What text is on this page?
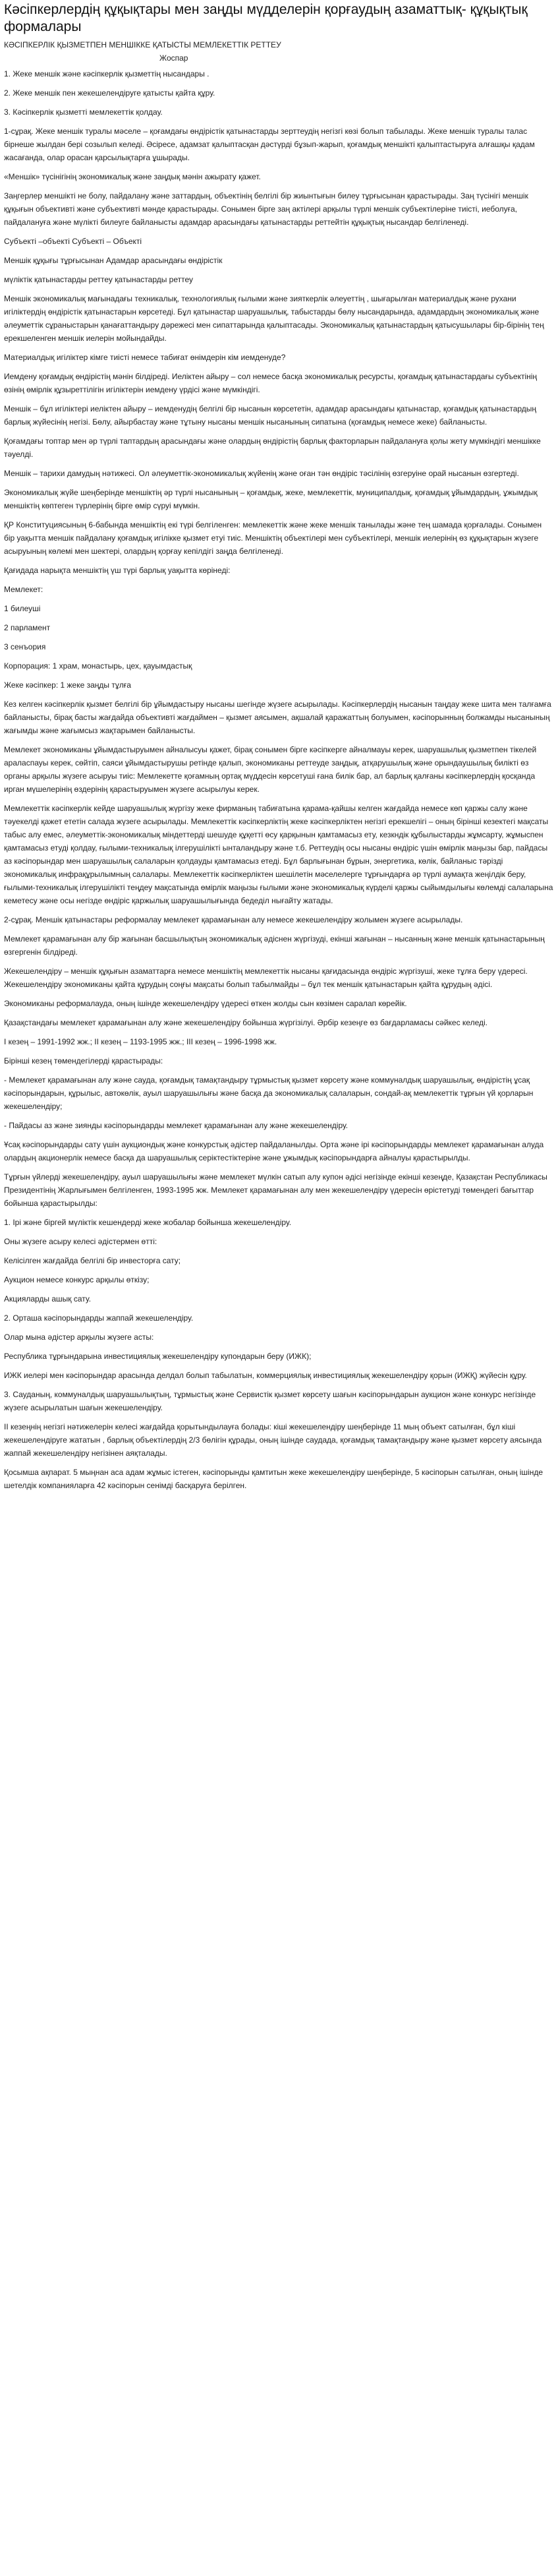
Кәсіпкерлердің құқықтары мен заңды мүдделерін қорғаудың азаматтық- құқықтық формалары
КӘСІПКЕРЛІК ҚЫЗМЕТПЕН МЕНШІККЕ ҚАТЫСТЫ МЕМЛЕКЕТТІК РЕТТЕУ
Жоспар

1. Жеке меншік және кәсіпкерлік қызметтің нысандары .

2. Жеке меншік пен жекешелендіруге қатысты қайта құру.

3. Кәсіпкерлік қызметті мемлекеттік қолдау.

1-сұрақ. Жеке меншік туралы мәселе – қоғамдағы өндірістік қатынастарды зерттеудің негізгі көзі болып табылады. Жеке меншік туралы талас бірнеше жылдан бері созылып келеді. Әсіресе, адамзат қалыптасқан дәстүрді бұзып-жарып, қоғамдық меншікті қалыптастыруға алғашқы қадам жасағанда, олар орасан қарсылықтарға ұшырады.

«Меншік» түсінігінің экономикалық және заңдық мәнін ажырату қажет.

Заңгерлер меншікті не болу, пайдалану және заттардың, объектінің белгілі бір жиынтығын билеу тұрғысынан қарастырады. Заң түсінігі меншік құқығын объективті және субъективті мәнде қарастырады. Сонымен бірге заң актілері арқылы түрлі меншік субъектілеріне тиісті, иеболуға, пайдалануға және мүлікті билеуге байланысты адамдар арасындағы қатынастарды реттейтін құқықтық нысандар белгіленеді.

Субъекті –объекті Субъекті – Объекті

Меншік құқығы тұрғысынан Адамдар арасындағы өндірістік

мүліктік қатынастарды реттеу қатынастарды реттеу

Меншік экономикалық мағынадағы техникалық, технологиялық ғылыми және зияткерлік әлеуеттің , шығарылған материалдық және рухани игіліктердің өндірістік қатынастарын көрсетеді. Бұл қатынастар шаруашылық, табыстарды бөлу нысандарында, адамдардың экономикалық және әлеуметтік сұраныстарын қанағаттандыру дәрежесі мен сипаттарында қалыптасады. Экономикалық қатынастардың қатысушылары бір-бірінің тең ерекшеленген меншік иелерін мойындайды.

Материалдық игіліктер кімге тиісті немесе табиғат өнімдерін кім иемденуде?

Иемдену қоғамдық өндірістің мәнін білдіреді. Иеліктен айыру – сол немесе басқа экономикалық ресурсты, қоғамдық қатынастардағы субъектінің өзінің өмірлік құзыреттілігін игіліктерін иемдену үрдісі және мүмкіндігі.

Меншік – бұл игіліктері иеліктен айыру – иемденудің белгілі бір нысанын көрсететін, адамдар арасындағы қатынастар, қоғамдық қатынастардың барлық жүйесінің негізі. Бөлу, айырбастау және тұтыну нысаны меншік нысанының сипатына (қоғамдық немесе жеке) байланысты.

Қоғамдағы топтар мен әр түрлі таптардың арасындағы және олардың өндірістің барлық факторларын пайдалануға қолы жету мүмкіндігі меншікке тәуелді.

Меншік – тарихи дамудың нәтижесі. Ол әлеуметтік-экономикалық жүйенің және оған тән өндіріс тәсілінің өзгеруіне орай нысанын өзгертеді.

Экономикалық жүйе шеңберінде меншіктің әр түрлі нысанының – қоғамдық, жеке, мемлекеттік, муниципалдық, қоғамдық ұйымдардың, ұжымдық меншіктің көптеген түрлерінің бірге өмір сүруі мүмкін.

ҚР Конституциясының 6-бабында меншіктің екі түрі белгіленген: мемлекеттік және жеке меншік танылады және тең шамада қорғалады. Сонымен бір уақытта меншік пайдалану қоғамдық игілікке қызмет етуі тиіс. Меншіктің объектілері мен субъектілері, меншік иелерінің өз құқықтарын жүзеге асыруының көлемі мен шектері, олардың қорғау кепілдігі заңда белгіленеді.

Қағидада нарықта меншіктің үш түрі барлық уақытта көрінеді:

Мемлекет:

1 билеуші

2 парламент

3 сенъория

Корпорация: 1 храм, монастырь, цех, қауымдастық

Жеке кәсіпкер: 1 жеке заңды тұлға

Кез келген кәсіпкерлік қызмет белгілі бір ұйымдастыру нысаны шегінде жүзеге асырылады. Кәсіпкерлердің нысанын таңдау жеке шита мен талғамға байланысты, бірақ басты жағдайда объективті жағдаймен – қызмет аясымен, ақшалай қаражаттың болуымен, кәсіпорынның болжамды нысанының жағымды және жағымсыз жақтарымен байланысты.

Мемлекет экономиканы ұйымдастыруымен айналысуы қажет, бірақ сонымен бірге кәсіпкерге айналмауы керек, шаруашылық қызметпен тікелей араласпауы керек, сөйтіп, саяси ұйымдастырушы ретінде қалып, экономиканы реттеуде заңдық, атқарушылық және орындаушылық билікті өз органы арқылы жүзеге асыруы тиіс: Мемлекетте қоғамның ортақ мүддесін көрсетуші ғана билік бар, ал барлық қалғаны кәсіпкерлердің қосқанда ирган мүшелерінің өздерінің қарастыруымен жүзеге асырылуы керек.

Мемлекеттік кәсіпкерлік кейде шаруашылық жүргізу жеке фирманың табиғатына қарама-қайшы келген жағдайда немесе көп қаржы салу және тәуекелді қажет ететін салада жүзеге асырылады. Мемлекеттік кәсіпкерліктің жеке кәсіпкерліктен негізгі ерекшелігі – оның бірінші кезектегі мақсаты табыс алу емес, әлеуметтік-экономикалық міндеттерді шешуде құқетті өсу қарқынын қамтамасыз ету, кезкндік құбылыстарды жұмсарту, жұмыспен қамтамасыз етуді қолдау, ғылыми-техникалық ілгерушілікті ынталандыру және т.б. Реттеудің осы нысаны өндіріс үшін өмірлік маңызы бар, пайдасы аз кәсіпорындар мен шаруашылық салаларын қолдауды қамтамасыз етеді. Бұл барлығынан бұрын, энергетика, көлік, байланыс тәрізді экономикалық инфрақұрылымның салалары. Мемлекеттік кәсіпкерліктен шешілетін мәселелерге тұрғындарға әр түрлі аумақта жеңілдік беру, ғылыми-техникалық ілгерушілікті теңдеу мақсатында өмірлік маңызы ғылыми және экономикалық күрделі қаржы сыйымдылығы көлемді салаларына кеметесу және осы негізде өндіріс қаржылық шаруашылығында бедеділ нығайту жатады.

2-сұрақ. Меншік қатынастары реформалау мемлекет қарамағынан алу немесе жекешелендіру жолымен жүзеге асырылады.

Мемлекет қарамағынан алу бір жағынан басшылықтың экономикалық әдіснен жүргізуді, екінші жағынан – нысанның және меншік қатынастарының өзгергенін білдіреді.

Жекешелендіру – меншік құқығын азаматтарға немесе меншіктің мемлекеттік нысаны қағидасында өндіріс жүргізуші, жеке тұлға беру үдересі. Жекешелендіру экономиканы қайта құрудың соңғы мақсаты болып табылмайды – бұл тек меншік қатынастарын қайта құрудың әдісі.

Экономиканы реформалауда, оның ішінде жекешелендіру үдересі өткен жолды сын көзімен саралап көрейік.

Қазақстандағы мемлекет қарамағынан алу және жекешелендіру бойынша жүргізілуі. Әрбір кезеңге өз бағдарламасы сәйкес келеді.

I кезең – 1991-1992 жж.; II кезең – 1193-1995 жж.; III кезең – 1996-1998 жж.

Бірінші кезең төмендегілерді қарастырады:

- Мемлекет қарамағынан алу және сауда, қоғамдық тамақтандыру тұрмыстық қызмет көрсету және коммуналдық шаруашылық, өндірістің ұсақ кәсіпорындарын, құрылыс, автокөлік, ауыл шаруашылығы және басқа да экономикалық салаларын, сондай-ақ мемлекеттік тұрғын үй қорларын жекешелендіру;

- Пайдасы аз және зиянды кәсіпорындарды мемлекет қарамағынан алу және жекешелендіру.

Ұсақ кәсіпорындарды сату үшін аукциондық және конкурстық әдістер пайдаланылды. Орта және ірі кәсіпорындарды мемлекет қарамағынан алуда олардың акционерлік немесе басқа да шаруашылық серіктестіктеріне және ұжымдық кәсіпорындарға айналуы қарастырылды.

Тұрғын үйлерді жекешелендіру, ауыл шаруашылығы және мемлекет мүлкін сатып алу купон әдісі негізінде екінші кезеңде, Қазақстан Республикасы Президентінің Жарлығымен белгіленген, 1993-1995 жж. Мемлекет қарамағынан алу мен жекешелендіру үдересін өрістетуді төмендегі бағыттар бойынша қарастырылды:

1. Ірі және біргей мүліктік кешендерді жеке жобалар бойынша жекешелендіру.

Оны жүзеге асыру келесі әдістермен өтті:

Келісілген жағдайда белгілі бір инвесторға сату;

Аукцион немесе конкурс арқылы өткізу;

Акцияларды ашық сату.

2. Орташа кәсіпорындарды жаппай жекешелендіру.

Олар мына әдістер арқылы жүзеге асты:

Республика тұрғындарына инвестициялық жекешелендіру купондарын беру (ИЖК);

ИЖК иелері мен кәсіпорындар арасында делдал болып табылатын, коммерциялық инвестициялық жекешелендіру қорын (ИЖҚ) жүйесін құру.

3. Сауданың, коммуналдық шаруашылықтың, тұрмыстық және Сервистік қызмет көрсету шағын кәсіпорындарын аукцион және конкурс негізінде жүзеге асырылатын шағын жекешелендіру.

II кезеңнің негізгі нәтижелерін келесі жағдайда қорытындылауға болады: кіші жекешелендіру шеңберінде 11 мың объект сатылған, бұл кіші жекешелендіруге жататын , барлық объектілердің 2/3 бөлігін құрады, оның ішінде саудада, қоғамдық тамақтандыру және қызмет көрсету аясында жаппай жекешелендіру негізінен аяқталады.

Қосымша ақпарат. 5 мыңнан аса адам жұмыс істеген, кәсіпорынды қамтитын жеке жекешелендіру шеңберінде, 5 кәсіпорын сатылған, оның ішінде шетелдік компанияларға 42 кәсіпорын сенімді басқаруға берілген.
